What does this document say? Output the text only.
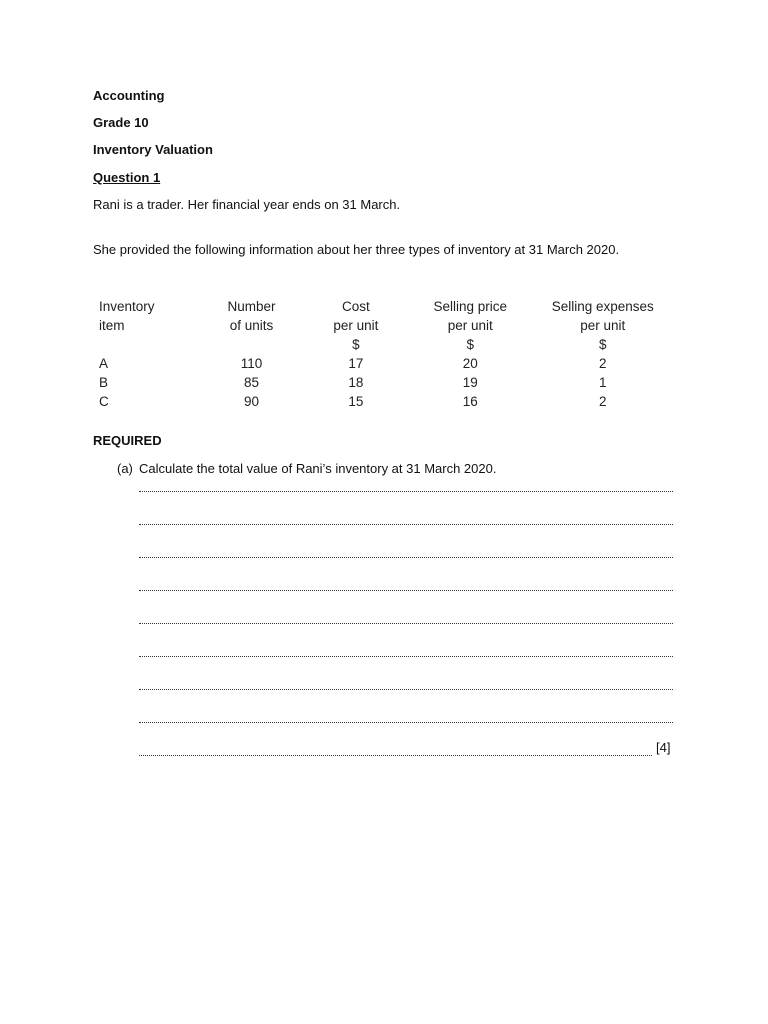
Accounting
Grade 10
Inventory Valuation
Question 1
Rani is a trader. Her financial year ends on 31 March.
She provided the following information about her three types of inventory at 31 March 2020.
Inventory	Number	Cost	Selling price	Selling expenses
item	of units	per unit	per unit	per unit
		$	$	$
A	110	17	20	2
B	85	18	19	1
C	90	15	16	2
REQUIRED
(a) Calculate the total value of Rani’s inventory at 31 March 2020.
[4]
